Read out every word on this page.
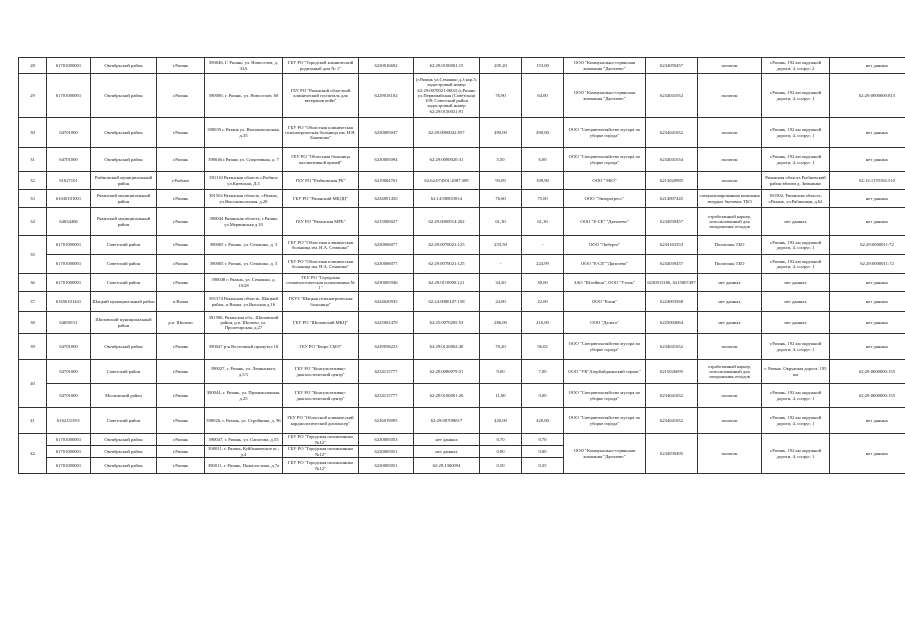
28	61701000001	Октябрьский район	г.Рязань	390046, Г. Рязань, ул. Новоселов, д. 33А	ГБУ РО "Городской клинический родильный дом № 1"	6230016692	62:29:0100001:15	205,20	153,00	ООО "Коммунально-сервисная компания "Дягилево"	6234059457	полигон	г.Рязань, 192 км окружной дороги, 4, сооруг. 2	нет данных
29	61701000001	Октябрьский район	г.Рязань	390000, г. Рязань, ул. Новоселов, 60	ГБУ РО "Рязанский областной клинический госпиталь для ветеранов войн"	6229016102	(г.Рязань ул.Семашко д.3 кор.3; кадастровый номер 62:29:0070021:0002) (г.Рязань ул.Первомайская (Советская) 109; Советский район кадастровый номер 62:29:0150031:91	76,90	64,00	ООО "Коммунально-сервисная компания "Дягилево"	6234041052	полигон	г.Рязань, 192 км окружной дороги, 4, сооруг. 1	62:29:0000000:815
30	64701000	Октябрьский район	г.Рязань	390035 г. Рязань ул. Высоковольтная, д.35	ГБУ РО "Областная клиническая психиатрическая больница им. Н.Н. Баженова"	6230005047	62:29:0000042:057	490,00	490,00	ООО "Спецавтохозяйство мусора по уборке города"	6234041652	полигон	г.Рязань, 192 км окружной дороги, 4, сооруг. 1	нет данных
31	64701000	Октябрьский район	г.Рязань	390046 г.Рязань ул. Спортивная, д. 7	ГБУ РО "Областная больница паллиативной врачей"	6230005094	62:29:0090020:31	5,50	6,00	ООО "Спецавтохозяйство мусора по уборке города"	6234041654	полигон	г.Рязань, 192 км окружной дороги, 4, сооруг. 1	нет данных
32	61627101	Рыбновский муниципальный район	г.Рыбное	391110 Рязанская область г.Рыбное ул.Киевская, Д.3	ГБУ РО "Рыбновская РБ"	6219004761	62:62:074501:2087:309	93,09	109,90	ООО "ЭКО"	6213020985	полигон	Рязанская область Рыбновский район вблизи д. Зимнинко	62:13:1170104:510
33	61630101001	Рязанский муниципальный район	г.Рязань	391502 Рязанская область, г.Рязань, ул.Высоковольтная, д.20	ГБУ РО "Рязанский МКДЦ"	6234091450	62:14:0080100:4	76,60	75,00	ООО "Экопрогресс"	6214007445	специализированная компания твердых бытовых ТБО	391502, Рязанская область, г.Рязань, ул.Рябиновая, д.62	нет данных
34	64634406	Рязанский муниципальный район	г.Рязань	390044 Рязанская область, г.Рязань ул.Мервинская д.10	ГБУ РО "Рязанская МРБ"	6215000027	62:29:0000014:202	61,30	61,30	ООО "Е-СЕ" "Дягилево"	6234039457	отработанный карьер, использованный для захоронения отходов	нет данных	нет данных
35	61701000001	Советский район	г.Рязань	390005 г. Рязань, ул. Семашко, д. 3	ГБУ РО "Областная клиническая больница им. Н.А. Семашко"	6230006077	62:29:0070021:125	253,50	-	ООО "Либерта"	6234163353	Полигоны ТБО	г.Рязань, 192 км окружной дороги, 4, сооруг. 1	62:29:0000011:72
	61701000001	Советский район	г.Рязань	390005 г. Рязань, ул. Семашко, д. 3	ГБУ РО "Областная клиническая больница им. Н.А. Семашко"	6230006077	62:29:0070021:125	-	224,99	ООО "Е-СЕ""Дягилево"	6234039457	Полигоны ТБО	г.Рязань, 192 км окружной дороги, 4, сооруг. 1	62:29:0000011:72
36	61701000001	Советский район	г.Рязань	390048 г. Рязань, ул. Семашко, д. 10/28	ГБУ РО "Городская стоматологическая поликлиника № 1"	6230005946	62:29:0110000:121	34,20	30,00	ЗАО "Шлейвон", ООО "Утиль"	6230013166, 6215007497	нет данных	нет данных	нет данных
37	61656101441	Шацкий муниципальный район	п.Выша	391374 Рязанская область, Шацкий район, п.Выша, ул.Высокая д.16	ГКУЗ "Шацкая психиатрическая больница"	6224020935	62:24:0080107:158	24,00	22,00	ООО "Клин"	6224003568	нет данных	нет данных	нет данных
38	64658151	Шиловский муниципальный район	р.п. Шилово	391500, Рязанская обл., Шиловский район, р.п. Шилово, ул. Пролетарская, д.27	ГБУ РО "Шиловский МКЦ"	6225002470	62:25:0070205:53	286,00	216,00	ООО "Дельта"	6225004064	нет данных	нет данных	нет данных
39	64701000	Октябрьский район	г.Рязань	390047 р-н Восточный промузел 18	ГБУ РО "Бюро СМЭ"	6229058223	62:29:0120002:40	70,20	56,02	ООО "Спецавтохозяйство мусора по уборке города"	6234041652	полигон	г.Рязань, 192 км окружной дороги, 4, сооруг. 1	нет данных
40	64701000	Советский район	г.Рязань	390027, г. Рязань, ул. Ленинского, д.5/1	ГБУ РО "Консультативно-диагностический центр"	6234115777	62:29:0080079:51	9,00	7,00	ООО "УК"Азербайджанский сервис"	6215026095	отработанный карьер, использованный для захоронения отходов	г. Рязань. Окружная дорога. 195 км	62:29:0000000:155
	64701000	Московский район	г.Рязань	390044, г. Рязань, ул. Промышленная, д.25	ГБУ РО "Консультативно-диагностический центр"	6234115777	62:29:0100001:26	11,00	9,00	ООО "Спецавтохозяйство мусора по уборке города"	6234041652	полигон	г.Рязань, 192 км окружной дороги, 4, сооруг. 1	62:29:0000000:155
41	6162151051	Советский район	г.Рязань	390026, г. Рязань, ул. Стройкина, д. 96	ГБУ РО "Областной клинический кардиологический диспансер"	6216019095	62:29:0070069:7	420,00	420,00	ООО "Спецавтохозяйство мусора по уборке города"	6234041652	полигон	г.Рязань, 192 км окружной дороги, 4, сооруг. 1	нет данных
42	61701000001	Октябрьский район	г.Рязань	390047, г. Рязань, ул. Сапогова, д.55	ГБУ РО "Городская поликлиника №12"	6230005053	нет данных	0,70	0,70	ООО "Коммунально-сервисная компания "Дягилево"	6234039495	полигон	г.Рязань, 192 км окружной дороги, 4, сооруг. 1	нет данных
	61701000001	Октябрьский район	г.Рязань	390011, г. Рязань, Куйбышевское ш., д.4	ГБУ РО "Городская поликлиника №12"	6230005051	нет данных	0,80	0,80					
	61701000001	Октябрьский район	г.Рязань	390011, г. Рязань, Пожалостина, д.7а	ГБУ РО "Городская поликлиника №12"	6230005051	62:29:1300094	0,50	0,35					
